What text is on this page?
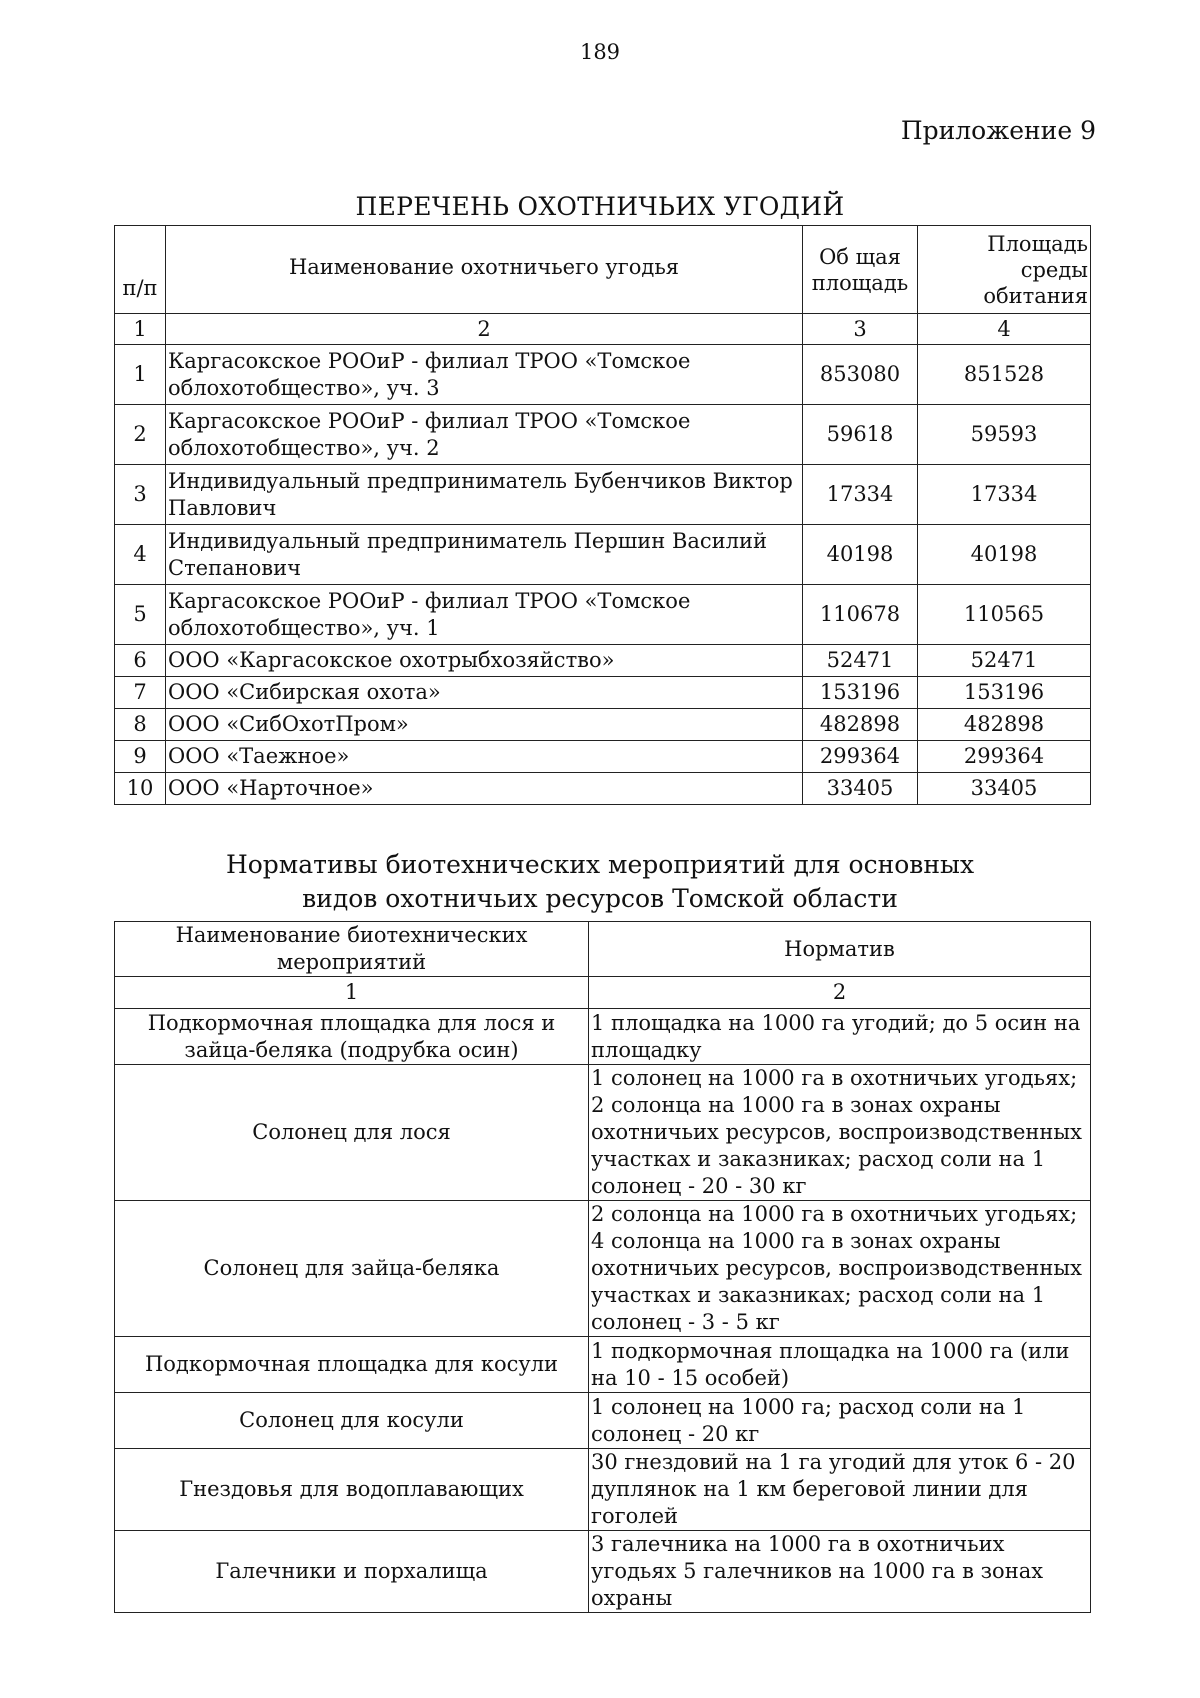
189
Приложение 9
ПЕРЕЧЕНЬ ОХОТНИЧЬИХ УГОДИЙ
п/п	Наименование охотничьего угодья	Об щая площадь	Площадь среды обитания
1	2	3	4
1	Каргасокское РООиР - филиал ТРОО «Томское облохотобщество», уч. 3	853080	851528
2	Каргасокское РООиР - филиал ТРОО «Томское облохотобщество», уч. 2	59618	59593
3	Индивидуальный предприниматель Бубенчиков Виктор Павлович	17334	17334
4	Индивидуальный предприниматель Першин Василий Степанович	40198	40198
5	Каргасокское РООиР - филиал ТРОО «Томское облохотобщество», уч. 1	110678	110565
6	ООО «Каргасокское охотрыбхозяйство»	52471	52471
7	ООО «Сибирская охота»	153196	153196
8	ООО «СибОхотПром»	482898	482898
9	ООО «Таежное»	299364	299364
10	ООО «Нарточное»	33405	33405
Нормативы биотехнических мероприятий для основных
видов охотничьих ресурсов Томской области
Наименование биотехнических мероприятий	Норматив
1	2
Подкормочная площадка для лося и зайца-беляка (подрубка осин)	1 площадка на 1000 га угодий; до 5 осин на площадку
Солонец для лося	1 солонец на 1000 га в охотничьих угодьях; 2 солонца на 1000 га в зонах охраны охотничьих ресурсов, воспроизводственных участках и заказниках; расход соли на 1 солонец - 20 - 30 кг
Солонец для зайца-беляка	2 солонца на 1000 га в охотничьих угодьях; 4 солонца на 1000 га в зонах охраны охотничьих ресурсов, воспроизводственных участках и заказниках; расход соли на 1 солонец - 3 - 5 кг
Подкормочная площадка для косули	1 подкормочная площадка на 1000 га (или на 10 - 15 особей)
Солонец для косули	1 солонец на 1000 га; расход соли на 1 солонец - 20 кг
Гнездовья для водоплавающих	30 гнездовий на 1 га угодий для уток 6 - 20 дуплянок на 1 км береговой линии для гоголей
Галечники и порхалища	3 галечника на 1000 га в охотничьих угодьях 5 галечников на 1000 га в зонах охраны
